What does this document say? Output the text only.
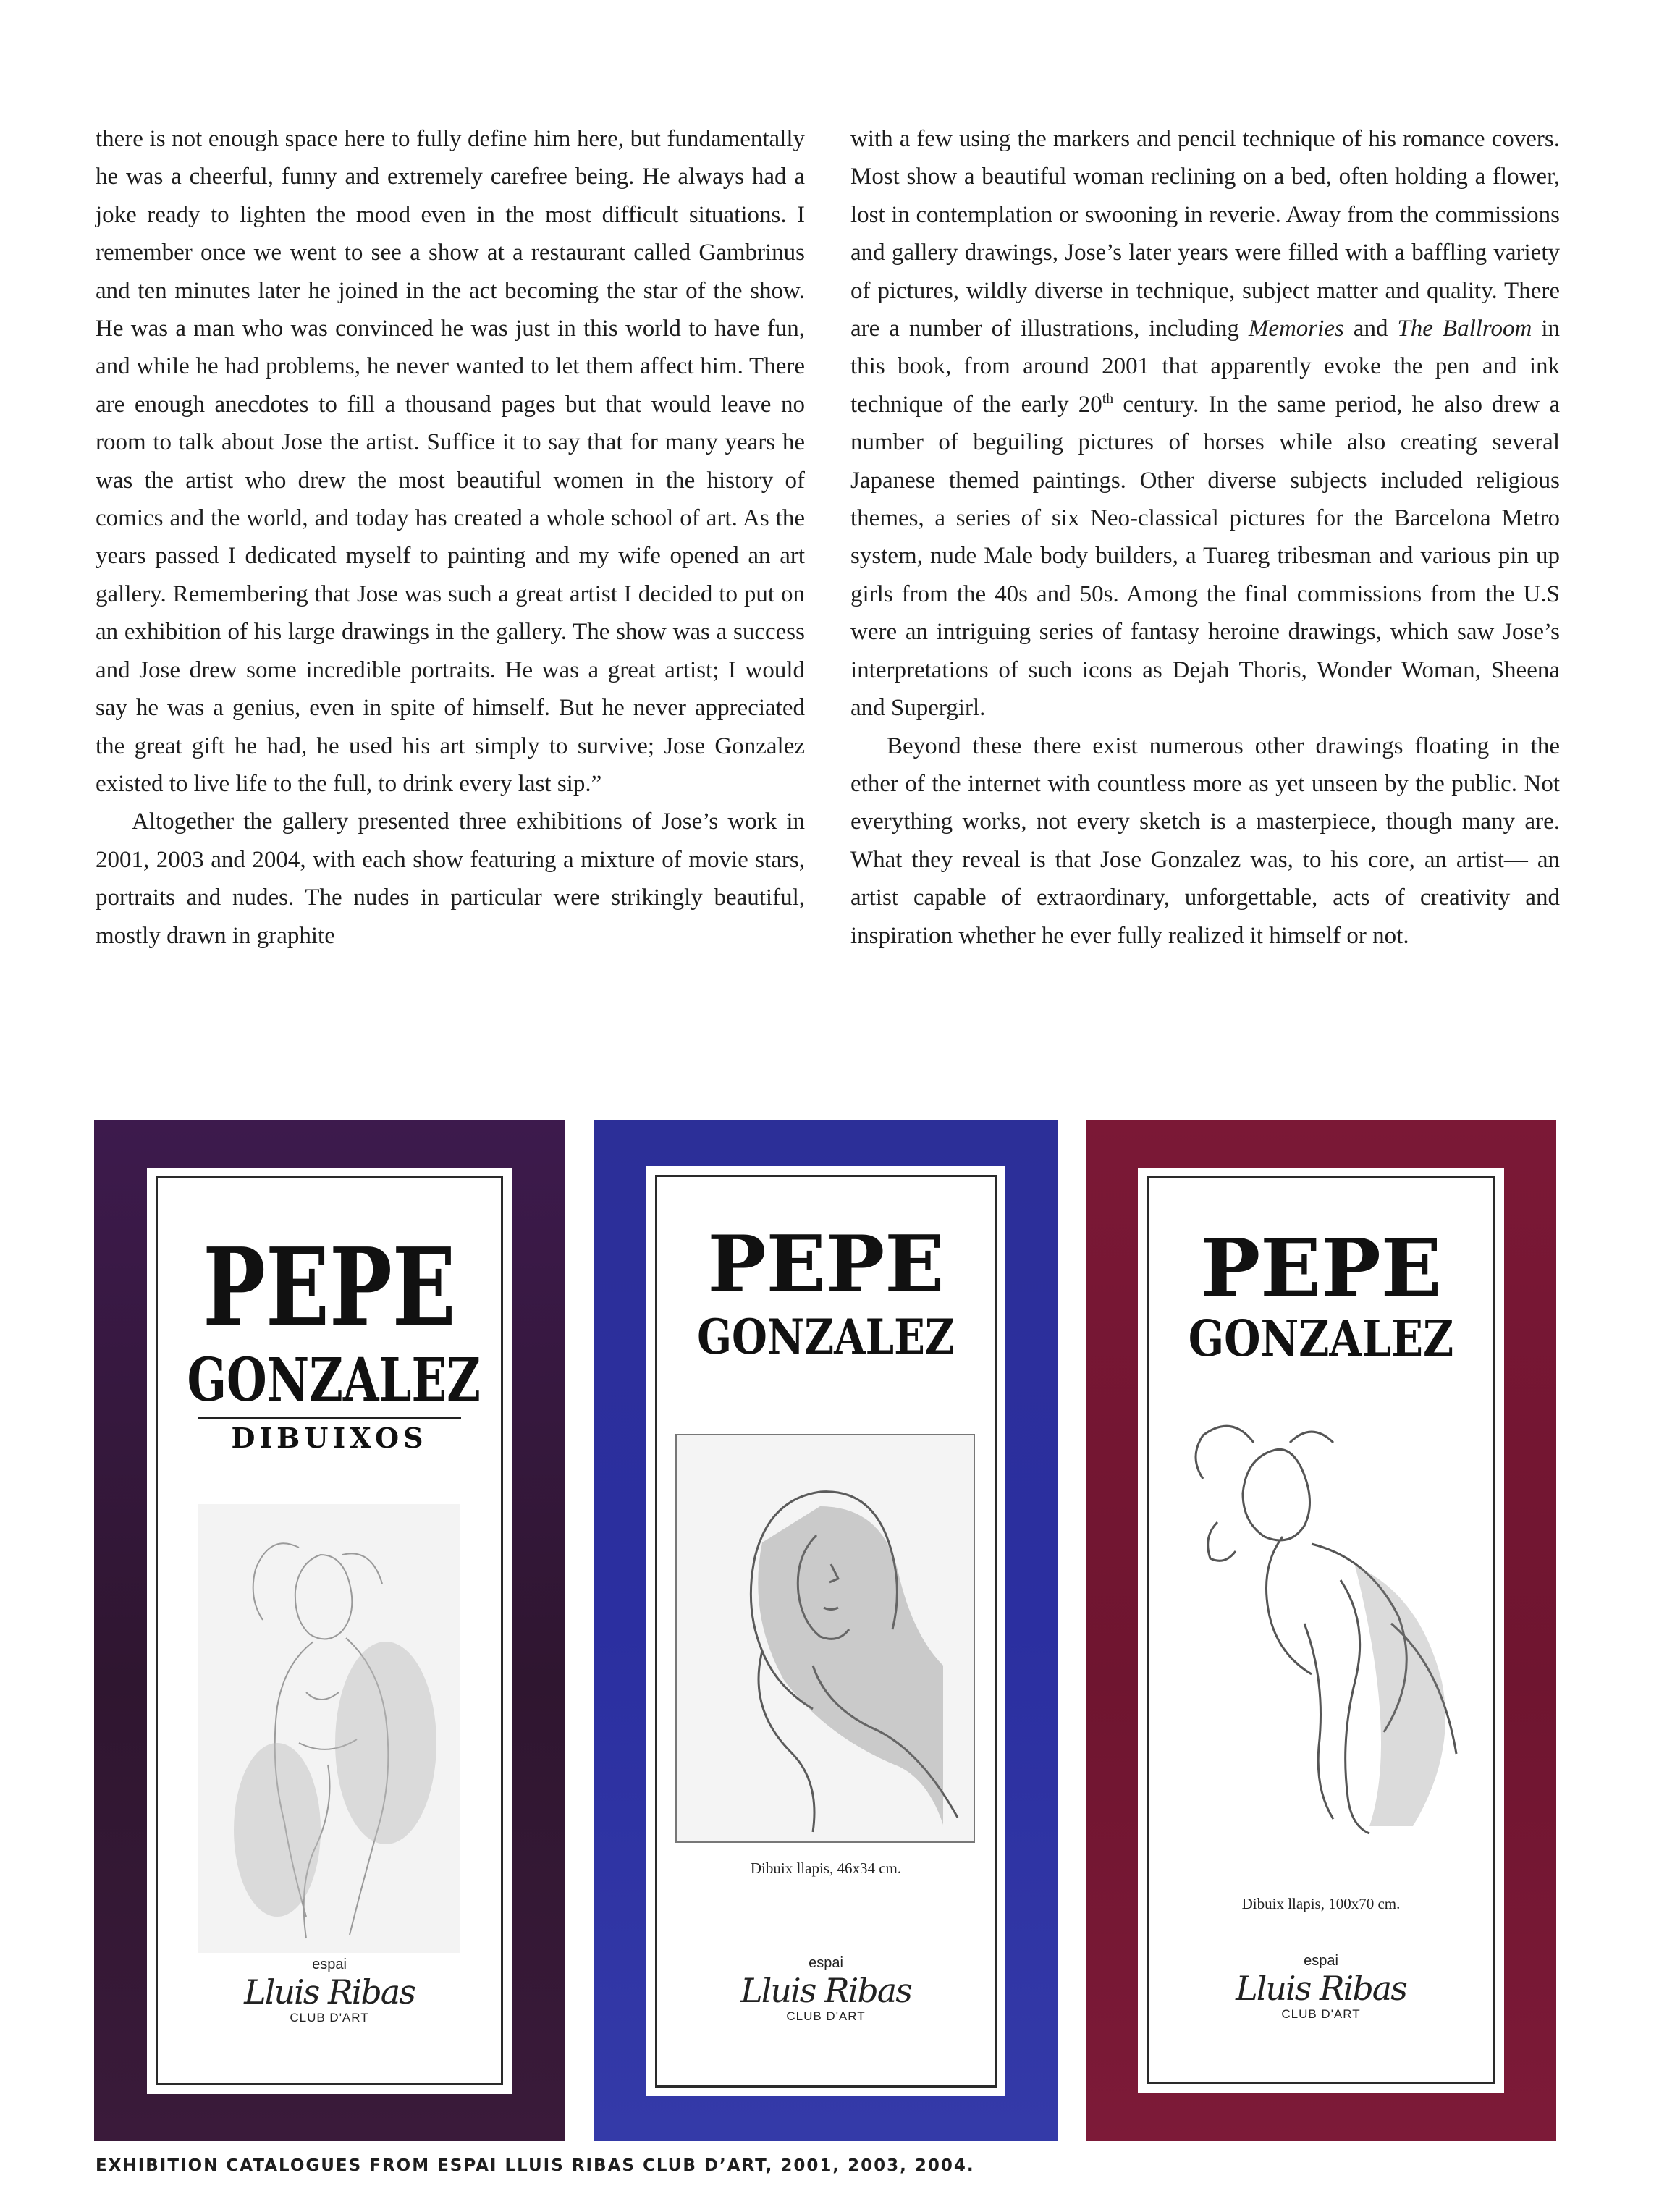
there is not enough space here to fully define him here, but fundamentally he was a cheerful, funny and extremely carefree being. He always had a joke ready to lighten the mood even in the most difficult situations. I remember once we went to see a show at a restaurant called Gambrinus and ten minutes later he joined in the act becoming the star of the show. He was a man who was convinced he was just in this world to have fun, and while he had problems, he never wanted to let them affect him. There are enough anecdotes to fill a thousand pages but that would leave no room to talk about Jose the artist. Suffice it to say that for many years he was the artist who drew the most beautiful women in the history of comics and the world, and today has created a whole school of art. As the years passed I dedicated myself to painting and my wife opened an art gallery. Remembering that Jose was such a great artist I decided to put on an exhibition of his large drawings in the gallery. The show was a success and Jose drew some incredible portraits. He was a great artist; I would say he was a genius, even in spite of himself. But he never appreciated the great gift he had, he used his art simply to survive; Jose Gonzalez existed to live life to the full, to drink every last sip.”

Altogether the gallery presented three exhibitions of Jose’s work in 2001, 2003 and 2004, with each show featuring a mixture of movie stars, portraits and nudes. The nudes in particular were strikingly beautiful, mostly drawn in graphite

with a few using the markers and pencil technique of his romance covers. Most show a beautiful woman reclining on a bed, often holding a flower, lost in contemplation or swooning in reverie. Away from the commissions and gallery drawings, Jose’s later years were filled with a baffling variety of pictures, wildly diverse in technique, subject matter and quality. There are a number of illustrations, including Memories and The Ballroom in this book, from around 2001 that apparently evoke the pen and ink technique of the early 20th century. In the same period, he also drew a number of beguiling pictures of horses while also creating several Japanese themed paintings. Other diverse subjects included religious themes, a series of six Neo-classical pictures for the Barcelona Metro system, nude Male body builders, a Tuareg tribesman and various pin up girls from the 40s and 50s. Among the final commissions from the U.S were an intriguing series of fantasy heroine drawings, which saw Jose’s interpretations of such icons as Dejah Thoris, Wonder Woman, Sheena and Supergirl.

Beyond these there exist numerous other drawings floating in the ether of the internet with countless more as yet unseen by the public. Not everything works, not every sketch is a masterpiece, though many are. What they reveal is that Jose Gonzalez was, to his core, an artist— an artist capable of extraordinary, unforgettable, acts of creativity and inspiration whether he ever fully realized it himself or not.

PEPE
GONZALEZ
DIBUIXOS
espai
Lluis Ribas
CLUB D'ART
PEPE
GONZALEZ
Dibuix llapis, 46x34 cm.
espai
Lluis Ribas
CLUB D'ART
PEPE
GONZALEZ
Dibuix llapis, 100x70 cm.
espai
Lluis Ribas
CLUB D'ART
EXHIBITION CATALOGUES FROM ESPAI LLUIS RIBAS CLUB D’ART, 2001, 2003, 2004.
